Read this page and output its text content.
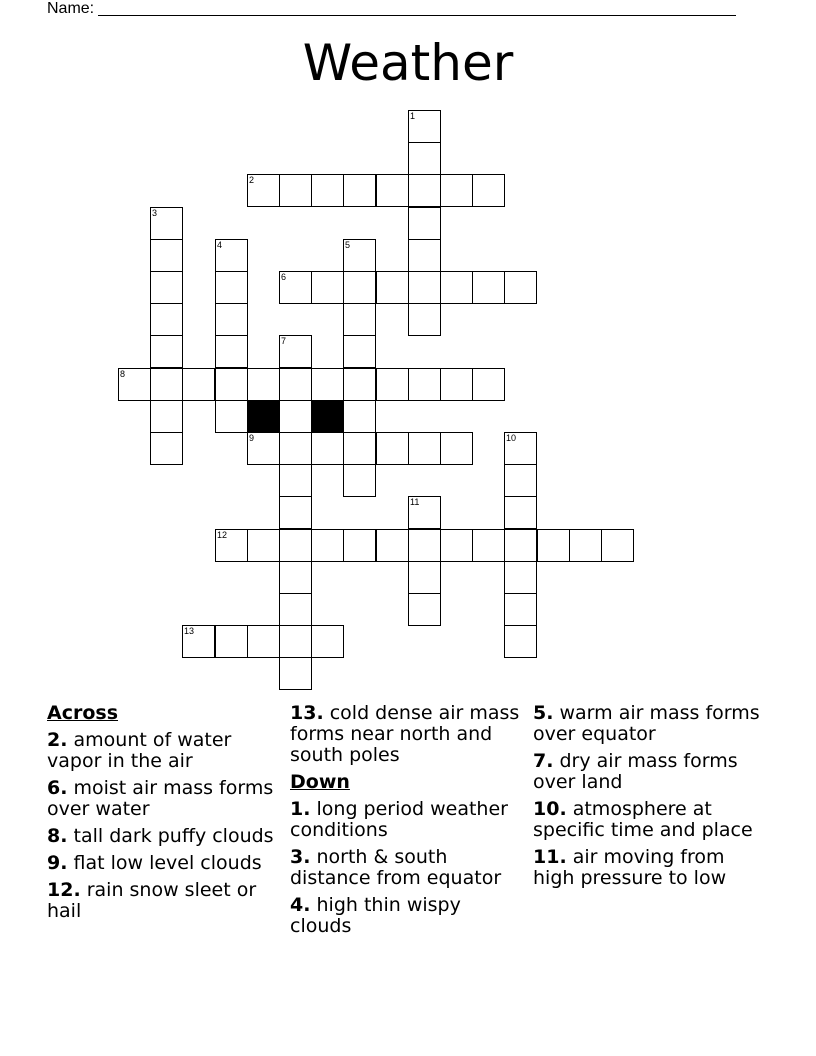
Name:
Weather
1
2
3
4	5
6
7
8
9	10
11
12
13
Across
2. amount of water vapor in the air
6. moist air mass forms over water
8. tall dark puffy clouds
9. flat low level clouds
12. rain snow sleet or hail
13. cold dense air mass forms near north and south poles
Down
1. long period weather conditions
3. north & south distance from equator
4. high thin wispy clouds
5. warm air mass forms over equator
7. dry air mass forms over land
10. atmosphere at specific time and place
11. air moving from high pressure to low
